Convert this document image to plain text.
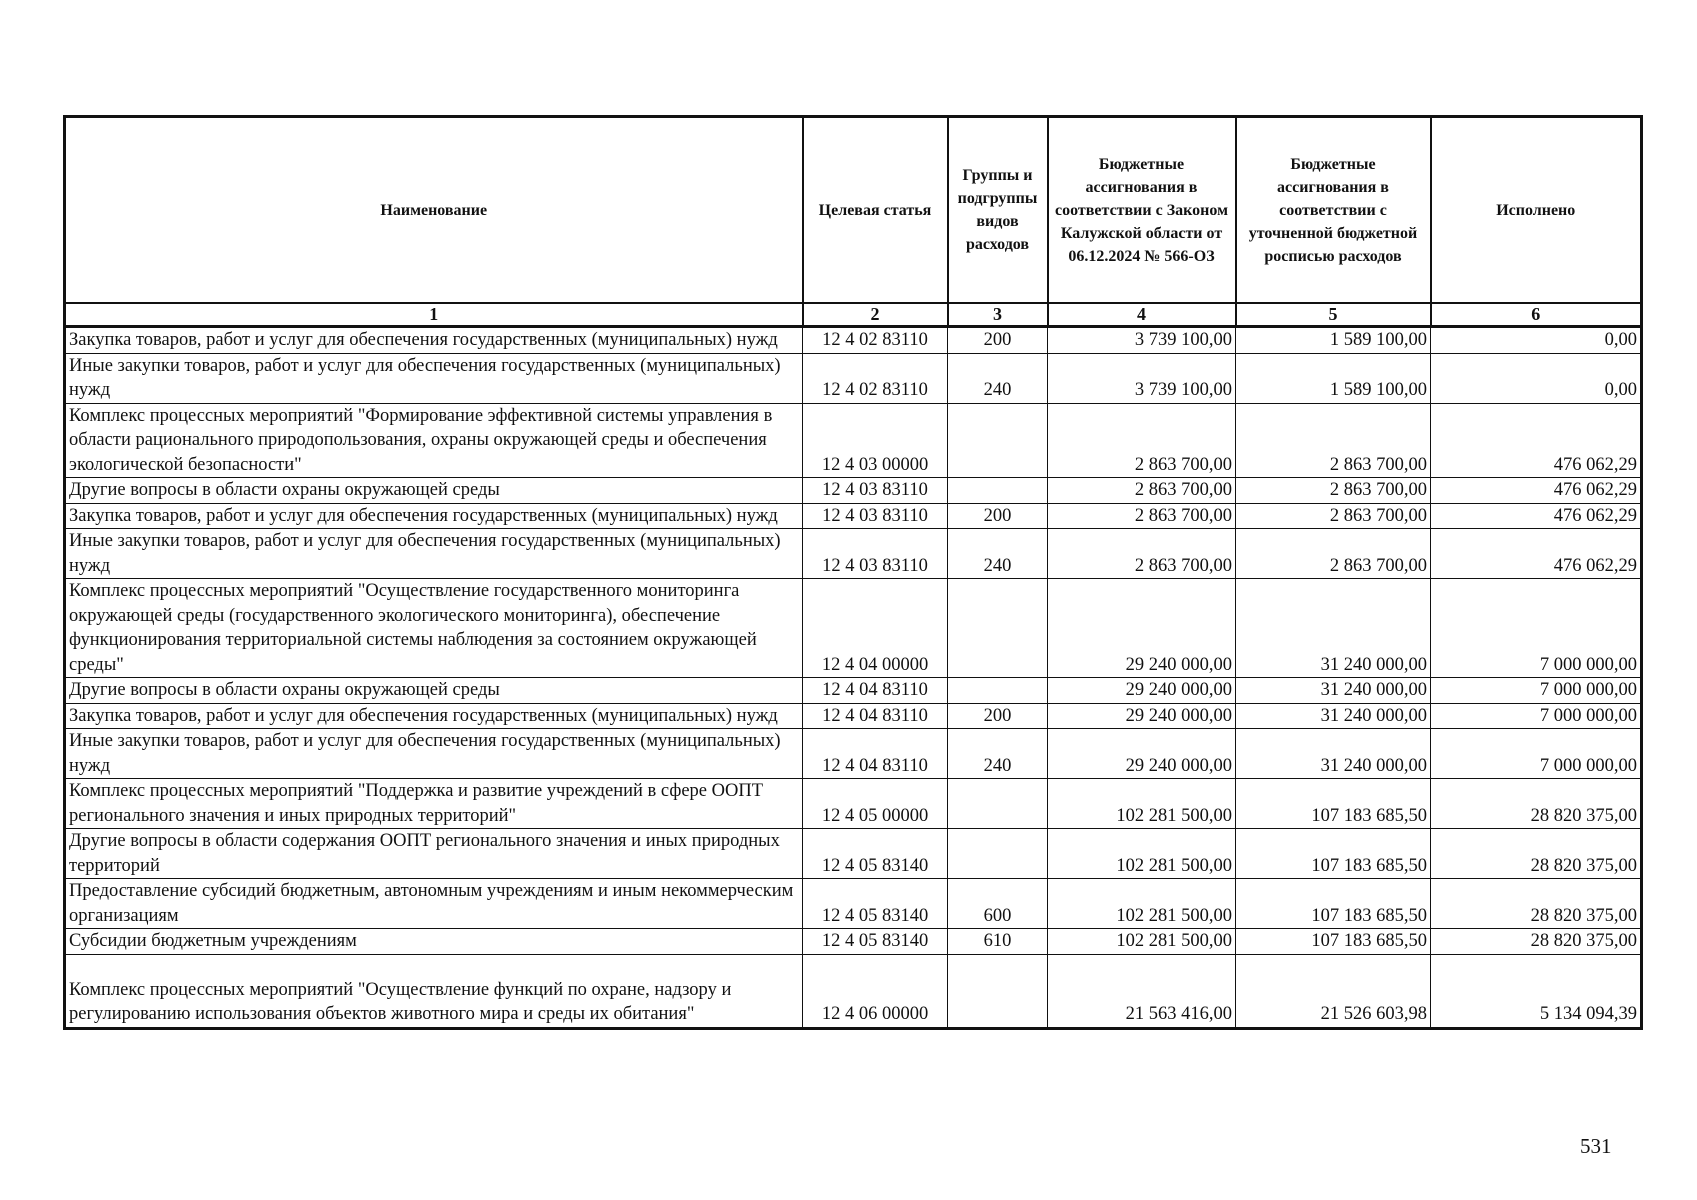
Наименование	Целевая статья	Группы и подгруппы видов расходов	Бюджетные ассигнования в соответствии с Законом Калужской области от 06.12.2024 № 566-ОЗ	Бюджетные ассигнования в соответствии с уточненной бюджетной росписью расходов	Исполнено
1	2	3	4	5	6
Закупка товаров, работ и услуг для обеспечения государственных (муниципальных) нужд	12 4 02 83110	200	3 739 100,00	1 589 100,00	0,00
Иные закупки товаров, работ и услуг для обеспечения государственных (муниципальных) нужд	12 4 02 83110	240	3 739 100,00	1 589 100,00	0,00
Комплекс процессных мероприятий "Формирование эффективной системы управления в области рационального природопользования, охраны окружающей среды и обеспечения экологической безопасности"	12 4 03 00000		2 863 700,00	2 863 700,00	476 062,29
Другие вопросы в области охраны окружающей среды	12 4 03 83110		2 863 700,00	2 863 700,00	476 062,29
Закупка товаров, работ и услуг для обеспечения государственных (муниципальных) нужд	12 4 03 83110	200	2 863 700,00	2 863 700,00	476 062,29
Иные закупки товаров, работ и услуг для обеспечения государственных (муниципальных) нужд	12 4 03 83110	240	2 863 700,00	2 863 700,00	476 062,29
Комплекс процессных мероприятий "Осуществление государственного мониторинга окружающей среды (государственного экологического мониторинга), обеспечение функционирования территориальной системы наблюдения за состоянием окружающей среды"	12 4 04 00000		29 240 000,00	31 240 000,00	7 000 000,00
Другие вопросы в области охраны окружающей среды	12 4 04 83110		29 240 000,00	31 240 000,00	7 000 000,00
Закупка товаров, работ и услуг для обеспечения государственных (муниципальных) нужд	12 4 04 83110	200	29 240 000,00	31 240 000,00	7 000 000,00
Иные закупки товаров, работ и услуг для обеспечения государственных (муниципальных) нужд	12 4 04 83110	240	29 240 000,00	31 240 000,00	7 000 000,00
Комплекс процессных мероприятий "Поддержка и развитие учреждений в сфере ООПТ регионального значения и иных природных территорий"	12 4 05 00000		102 281 500,00	107 183 685,50	28 820 375,00
Другие вопросы в области содержания ООПТ регионального значения и иных природных территорий	12 4 05 83140		102 281 500,00	107 183 685,50	28 820 375,00
Предоставление субсидий бюджетным, автономным учреждениям и иным некоммерческим организациям	12 4 05 83140	600	102 281 500,00	107 183 685,50	28 820 375,00
Субсидии бюджетным учреждениям	12 4 05 83140	610	102 281 500,00	107 183 685,50	28 820 375,00
Комплекс процессных мероприятий "Осуществление функций по охране, надзору и регулированию использования объектов животного мира и среды их обитания"	12 4 06 00000		21 563 416,00	21 526 603,98	5 134 094,39
531
